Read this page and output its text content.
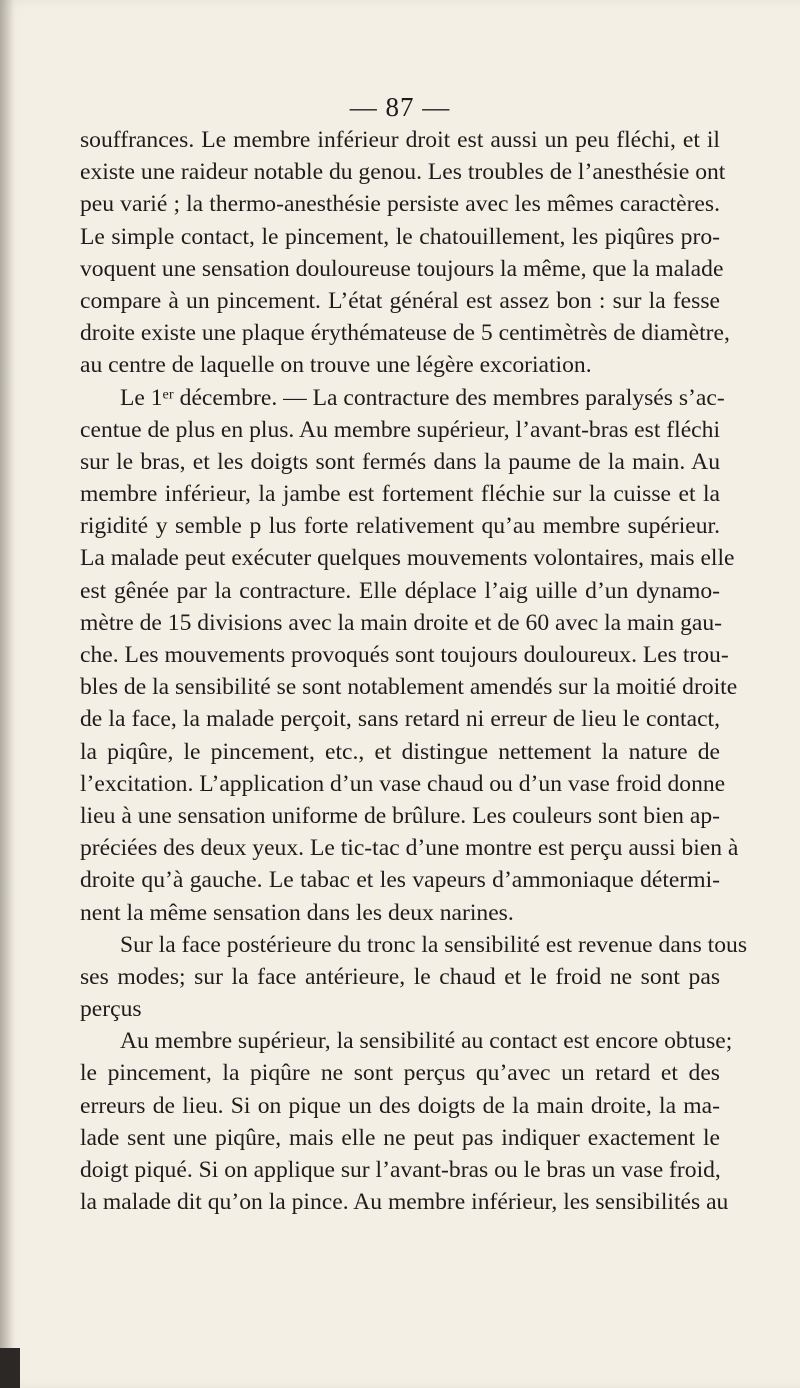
— 87 —
souffrances. Le membre inférieur droit est aussi un peu fléchi, et il
existe une raideur notable du genou. Les troubles de l’anesthésie ont
peu varié ; la thermo-anesthésie persiste avec les mêmes caractères.
Le simple contact, le pincement, le chatouillement, les piqûres pro-
voquent une sensation douloureuse toujours la même, que la malade
compare à un pincement. L’état général est assez bon : sur la fesse
droite existe une plaque érythémateuse de 5 centimètrès de diamètre,
au centre de laquelle on trouve une légère excoriation.
Le 1ᵉʳ décembre. — La contracture des membres paralysés s’ac-
centue de plus en plus. Au membre supérieur, l’avant-bras est fléchi
sur le bras, et les doigts sont fermés dans la paume de la main. Au
membre inférieur, la jambe est fortement fléchie sur la cuisse et la
rigidité y semble p lus forte relativement qu’au membre supérieur.
La malade peut exécuter quelques mouvements volontaires, mais elle
est gênée par la contracture. Elle déplace l’aig uille d’un dynamo-
mètre de 15 divisions avec la main droite et de 60 avec la main gau-
che. Les mouvements provoqués sont toujours douloureux. Les trou-
bles de la sensibilité se sont notablement amendés sur la moitié droite
de la face, la malade perçoit, sans retard ni erreur de lieu le contact,
la piqûre, le pincement, etc., et distingue nettement la nature de
l’excitation. L’application d’un vase chaud ou d’un vase froid donne
lieu à une sensation uniforme de brûlure. Les couleurs sont bien ap-
préciées des deux yeux. Le tic-tac d’une montre est perçu aussi bien à
droite qu’à gauche. Le tabac et les vapeurs d’ammoniaque détermi-
nent la même sensation dans les deux narines.
Sur la face postérieure du tronc la sensibilité est revenue dans tous
ses modes; sur la face antérieure, le chaud et le froid ne sont pas
perçus
Au membre supérieur, la sensibilité au contact est encore obtuse;
le pincement, la piqûre ne sont perçus qu’avec un retard et des
erreurs de lieu. Si on pique un des doigts de la main droite, la ma-
lade sent une piqûre, mais elle ne peut pas indiquer exactement le
doigt piqué. Si on applique sur l’avant-bras ou le bras un vase froid,
la malade dit qu’on la pince. Au membre inférieur, les sensibilités au
